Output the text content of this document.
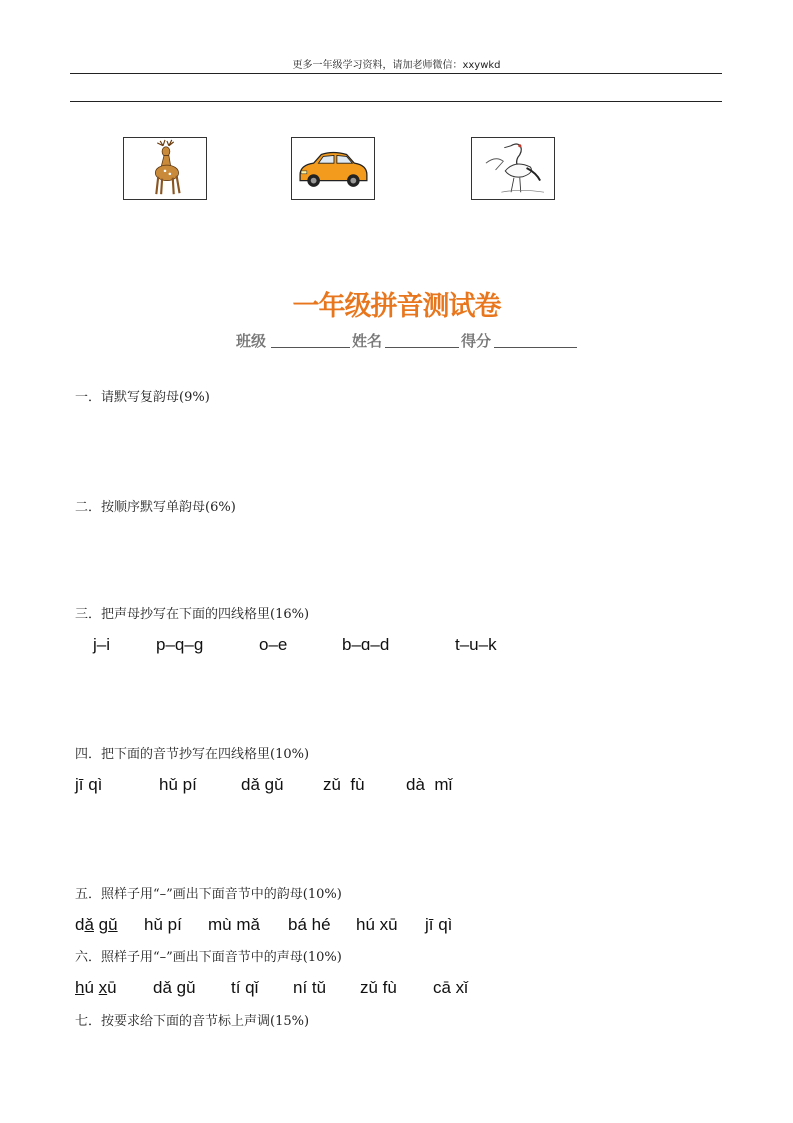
更多一年级学习资料，请加老师微信：xxywkd
一年级拼音测试卷
班级	姓名	得分
一．请默写复韵母(9%)
二．按顺序默写单韵母(6%)
三．把声母抄写在下面的四线格里(16%)
j–i	p–q–g	o–e	b–ɑ–d	t–u–k
四．把下面的音节抄写在四线格里(10%)
jī qì	hǔ pí	dǎ gǔ zǔ  fù dà  mǐ
五．照样子用“–”画出下面音节中的韵母(10%)
dǎ gǔ hǔ pí mù mǎ bá hé hú xū jī qì
六．照样子用“–”画出下面音节中的声母(10%)
hú xū dǎ gǔ tí qǐ ní tǔ zǔ fù cā xǐ
七．按要求给下面的音节标上声调(15%)
